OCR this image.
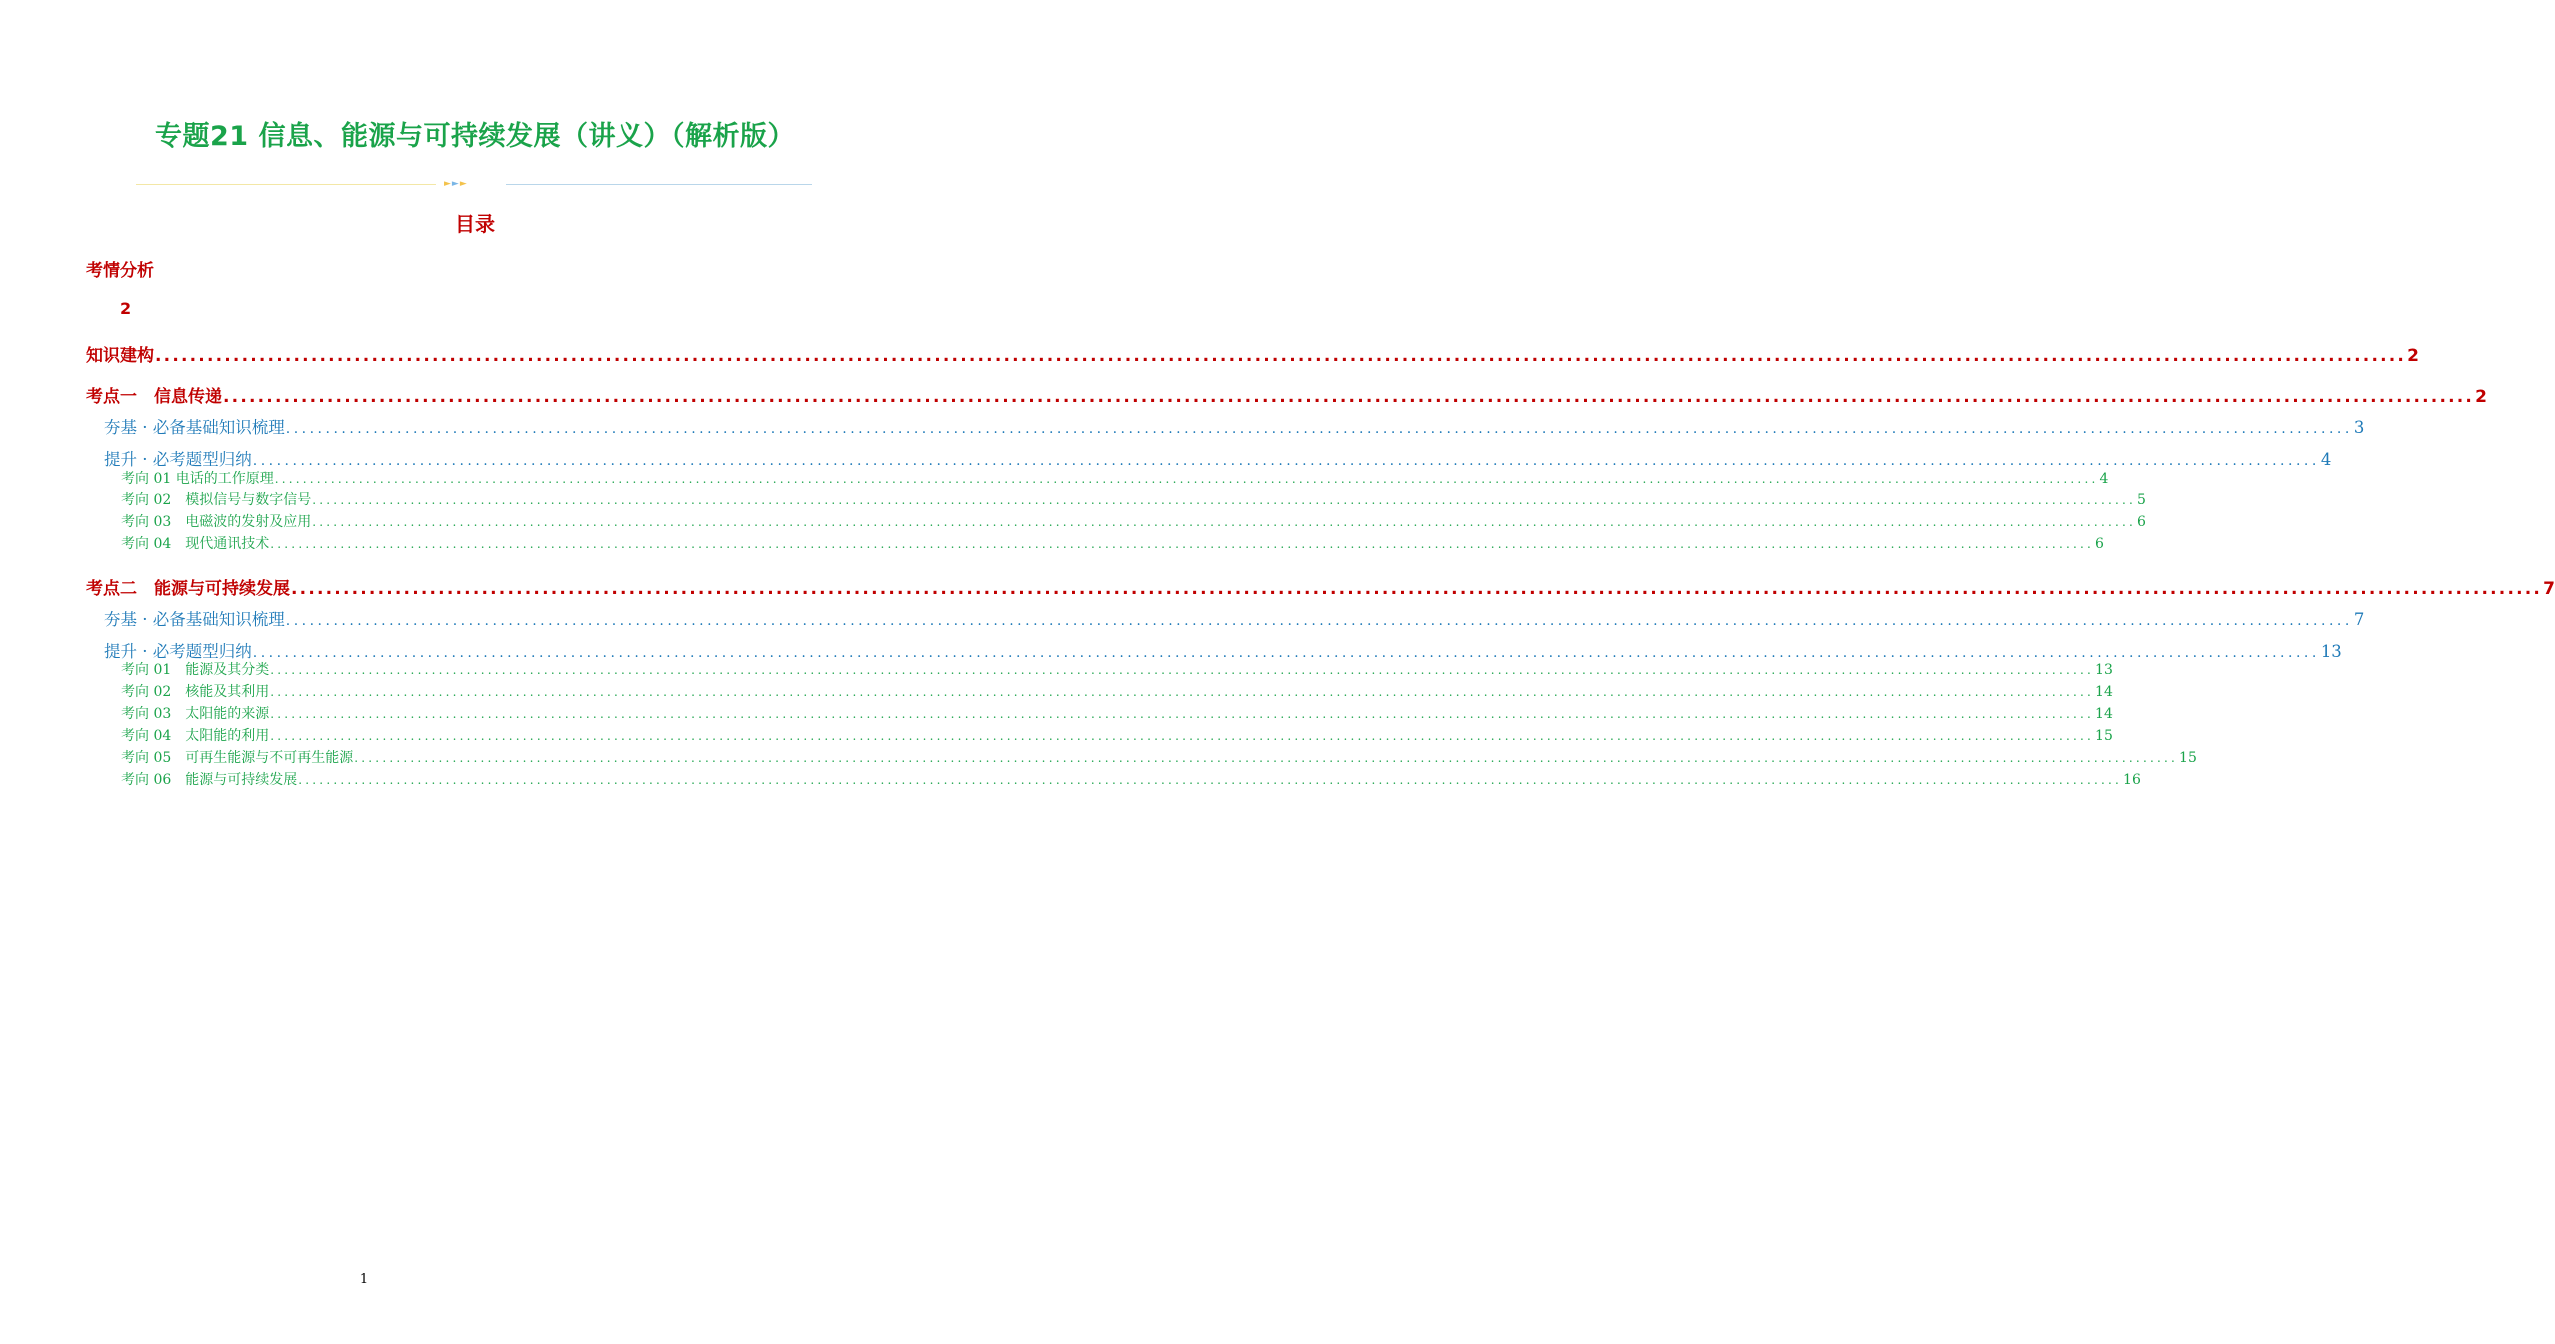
专题21 信息、能源与可持续发展（讲义）（解析版）
►►►
目录
考情分析
2
知识建构 .................................................................................................................................................................................................................................................................... 2
考点一　信息传递 .................................................................................................................................................................................................................................................................... 2
夯基 · 必备基础知识梳理 .................................................................................................................................................................................................................................................................... 3
提升 · 必考题型归纳 .................................................................................................................................................................................................................................................................... 4
考向 01 电话的工作原理 .................................................................................................................................................................................................................................................................... 4
考向 02　模拟信号与数字信号 .................................................................................................................................................................................................................................................................... 5
考向 03　电磁波的发射及应用 .................................................................................................................................................................................................................................................................... 6
考向 04　现代通讯技术 .................................................................................................................................................................................................................................................................... 6
考点二　能源与可持续发展 .................................................................................................................................................................................................................................................................... 7
夯基 · 必备基础知识梳理 .................................................................................................................................................................................................................................................................... 7
提升 · 必考题型归纳 .................................................................................................................................................................................................................................................................... 13
考向 01　能源及其分类 .................................................................................................................................................................................................................................................................... 13
考向 02　核能及其利用 .................................................................................................................................................................................................................................................................... 14
考向 03　太阳能的来源 .................................................................................................................................................................................................................................................................... 14
考向 04　太阳能的利用 .................................................................................................................................................................................................................................................................... 15
考向 05　可再生能源与不可再生能源 .................................................................................................................................................................................................................................................................... 15
考向 06　能源与可持续发展 .................................................................................................................................................................................................................................................................... 16
1
